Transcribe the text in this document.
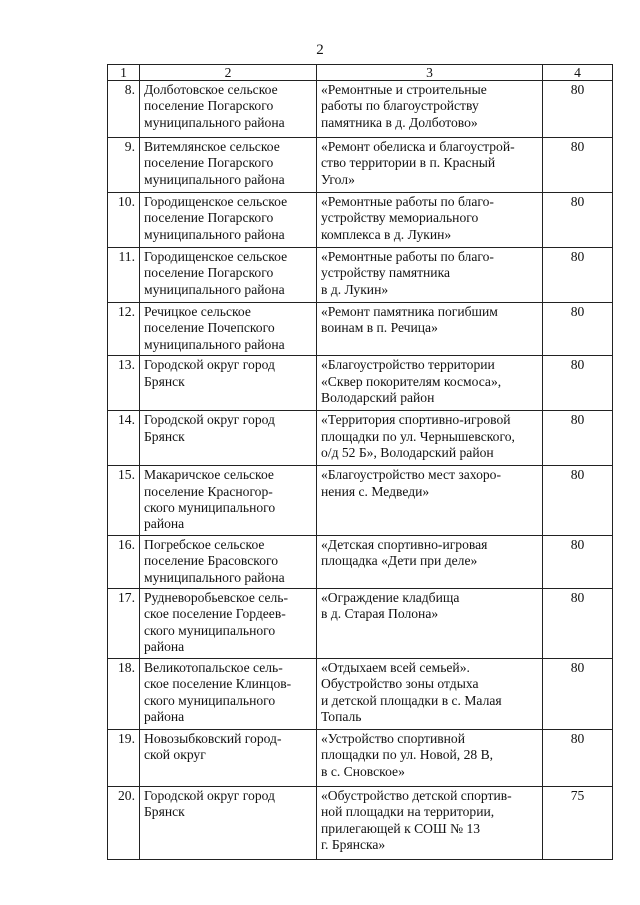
2
1	2	3	4

8.	Долботовское сельское
поселение Погарского
муниципального района	«Ремонтные и строительные
работы по благоустройству
памятника в д. Долботово»	80

9.	Витемлянское сельское
поселение Погарского
муниципального района	«Ремонт обелиска и благоустрой-
ство территории в п. Красный
Угол»	80

10.	Городищенское сельское
поселение Погарского
муниципального района	«Ремонтные работы по благо-
устройству мемориального
комплекса в д. Лукин»	80

11.	Городищенское сельское
поселение Погарского
муниципального района	«Ремонтные работы по благо-
устройству памятника
в д. Лукин»	80

12.	Речицкое сельское
поселение Почепского
муниципального района	«Ремонт памятника погибшим
воинам в п. Речица»	80

13.	Городской округ город
Брянск	«Благоустройство территории
«Сквер покорителям космоса»,
Володарский район	80

14.	Городской округ город
Брянск	«Территория спортивно-игровой
площадки по ул. Чернышевского,
о/д 52 Б», Володарский район	80

15.	Макаричское сельское
поселение Красногор-
ского муниципального
района	«Благоустройство мест захоро-
нения с. Медведи»	80

16.	Погребское сельское
поселение Брасовского
муниципального района	«Детская спортивно-игровая
площадка «Дети при деле»	80

17.	Рудневоробьевское сель-
ское поселение Гордеев-
ского муниципального
района	«Ограждение кладбища
в д. Старая Полона»	80

18.	Великотопальское сель-
ское поселение Клинцов-
ского муниципального
района	«Отдыхаем всей семьей».
Обустройство зоны отдыха
и детской площадки в с. Малая
Топаль	80

19.	Новозыбковский город-
ской округ	«Устройство спортивной
площадки по ул. Новой, 28 В,
в с. Сновское»	80

20.	Городской округ город
Брянск	«Обустройство детской спортив-
ной площадки на территории,
прилегающей к СОШ № 13
г. Брянска»	75
